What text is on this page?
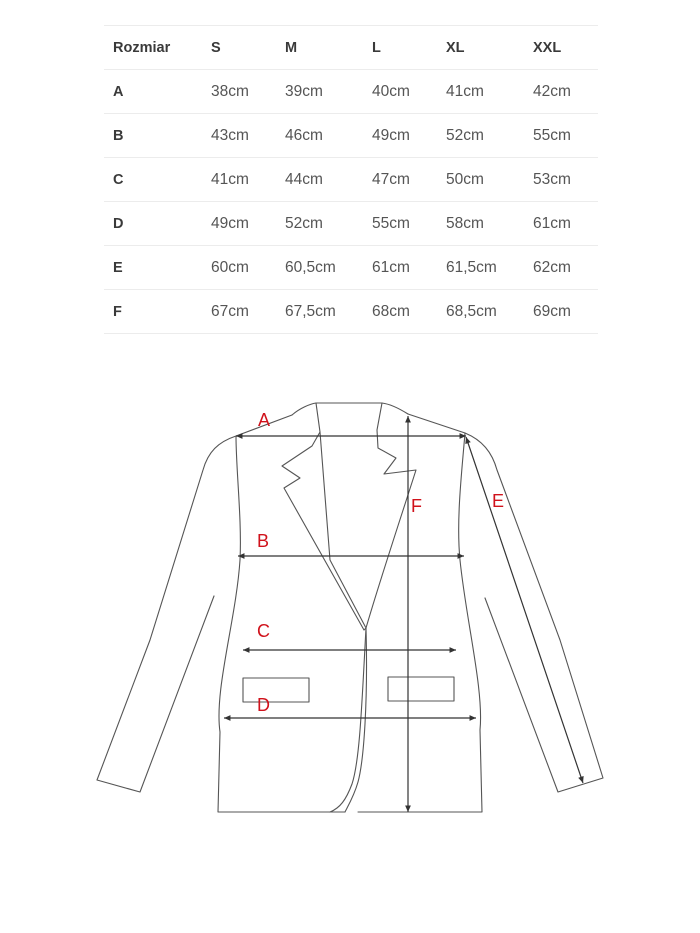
Rozmiar	S	M	L	XL	XXL
A	38cm	39cm	40cm	41cm	42cm
B	43cm	46cm	49cm	52cm	55cm
C	41cm	44cm	47cm	50cm	53cm
D	49cm	52cm	55cm	58cm	61cm
E	60cm	60,5cm	61cm	61,5cm	62cm
F	67cm	67,5cm	68cm	68,5cm	69cm
A
B
C
D
E
F
